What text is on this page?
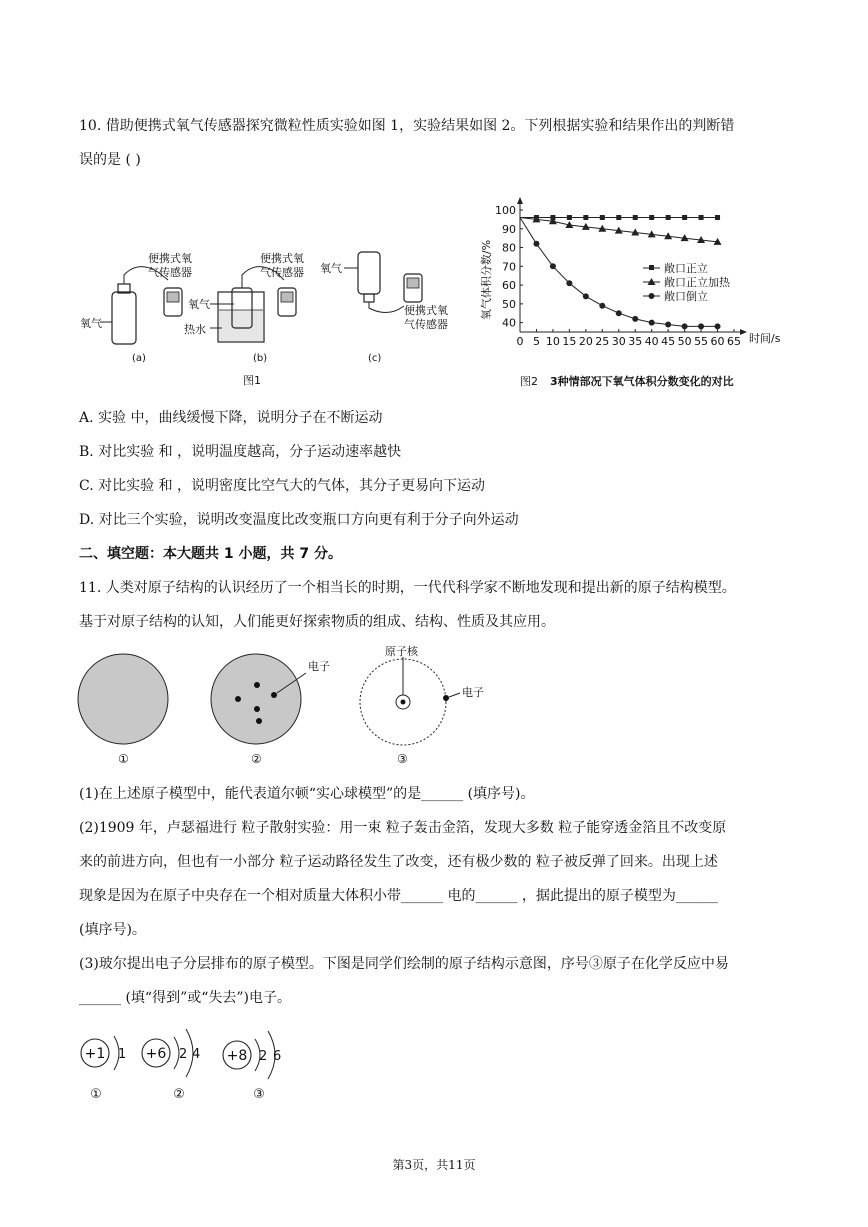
10. 借助便携式氧气传感器探究微粒性质实验如图 1，实验结果如图 2。下列根据实验和结果作出的判断错
误的是 ( )
氧气
便携式氧
气传感器
(a)
氧气
热水
便携式氧
气传感器
(b)
氧气
便携式氧
气传感器
(c)
图1
氧气体积分数/%
时间/s
0 5 10 15 20 25 30 35 40 45 50 55 60 65
40
50
60
70
80
90
100
敞口正立
敞口正立加热
敞口倒立
图2 3种情部况下氧气体积分数变化的对比
A. 实验 中，曲线缓慢下降，说明分子在不断运动
B. 对比实验 和 ，说明温度越高，分子运动速率越快
C. 对比实验 和 ，说明密度比空气大的气体，其分子更易向下运动
D. 对比三个实验，说明改变温度比改变瓶口方向更有利于分子向外运动
二、填空题：本大题共 1 小题，共 7 分。
11. 人类对原子结构的认识经历了一个相当长的时期，一代代科学家不断地发现和提出新的原子结构模型。
基于对原子结构的认知，人们能更好探索物质的组成、结构、性质及其应用。
①
电子
②
原子核
电子
③
(1)在上述原子模型中，能代表道尔顿“实心球模型”的是______ (填序号)。
(2)1909 年，卢瑟福进行 粒子散射实验：用一束 粒子轰击金箔，发现大多数 粒子能穿透金箔且不改变原
来的前进方向，但也有一小部分 粒子运动路径发生了改变，还有极少数的 粒子被反弹了回来。出现上述
现象是因为在原子中央存在一个相对质量大体积小带______ 电的______ ，据此提出的原子模型为______
(填序号)。
(3)玻尔提出电子分层排布的原子模型。下图是同学们绘制的原子结构示意图，序号③原子在化学反应中易
______ (填“得到”或“失去”)电子。
+1 1
①
+6 2 4
②
+8 2 6
③
第3页，共11页
